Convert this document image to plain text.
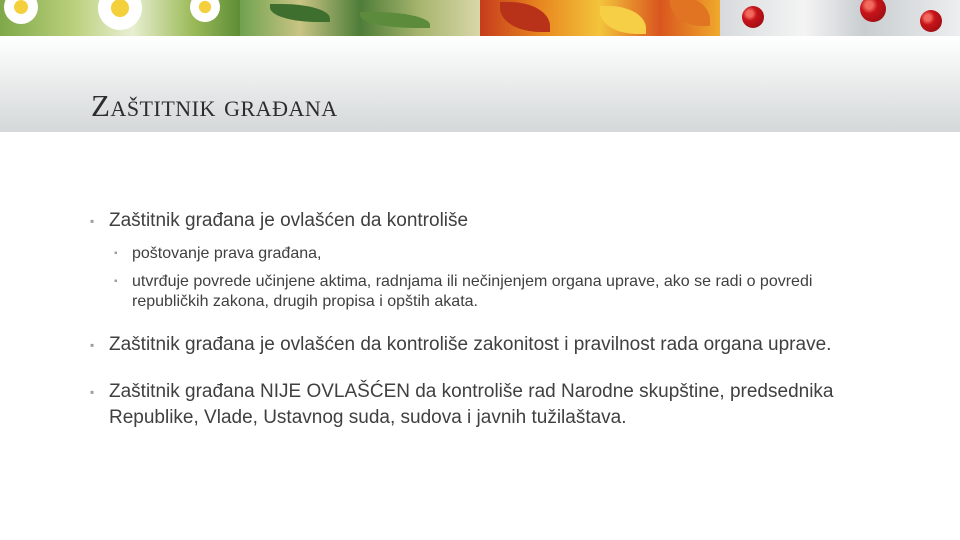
Zaštitnik građana

▪ Zaštitnik građana je ovlašćen da kontroliše

▪ poštovanje prava građana,

▪ utvrđuje povrede učinjene aktima, radnjama ili nečinjenjem organa uprave, ako se radi o povredi republičkih zakona, drugih propisa i opštih akata.

▪ Zaštitnik građana je ovlašćen da kontroliše zakonitost i pravilnost rada organa uprave.

▪ Zaštitnik građana NIJE OVLAŠĆEN da kontroliše rad Narodne skupštine, predsednika Republike, Vlade, Ustavnog suda, sudova i javnih tužilaštava.
